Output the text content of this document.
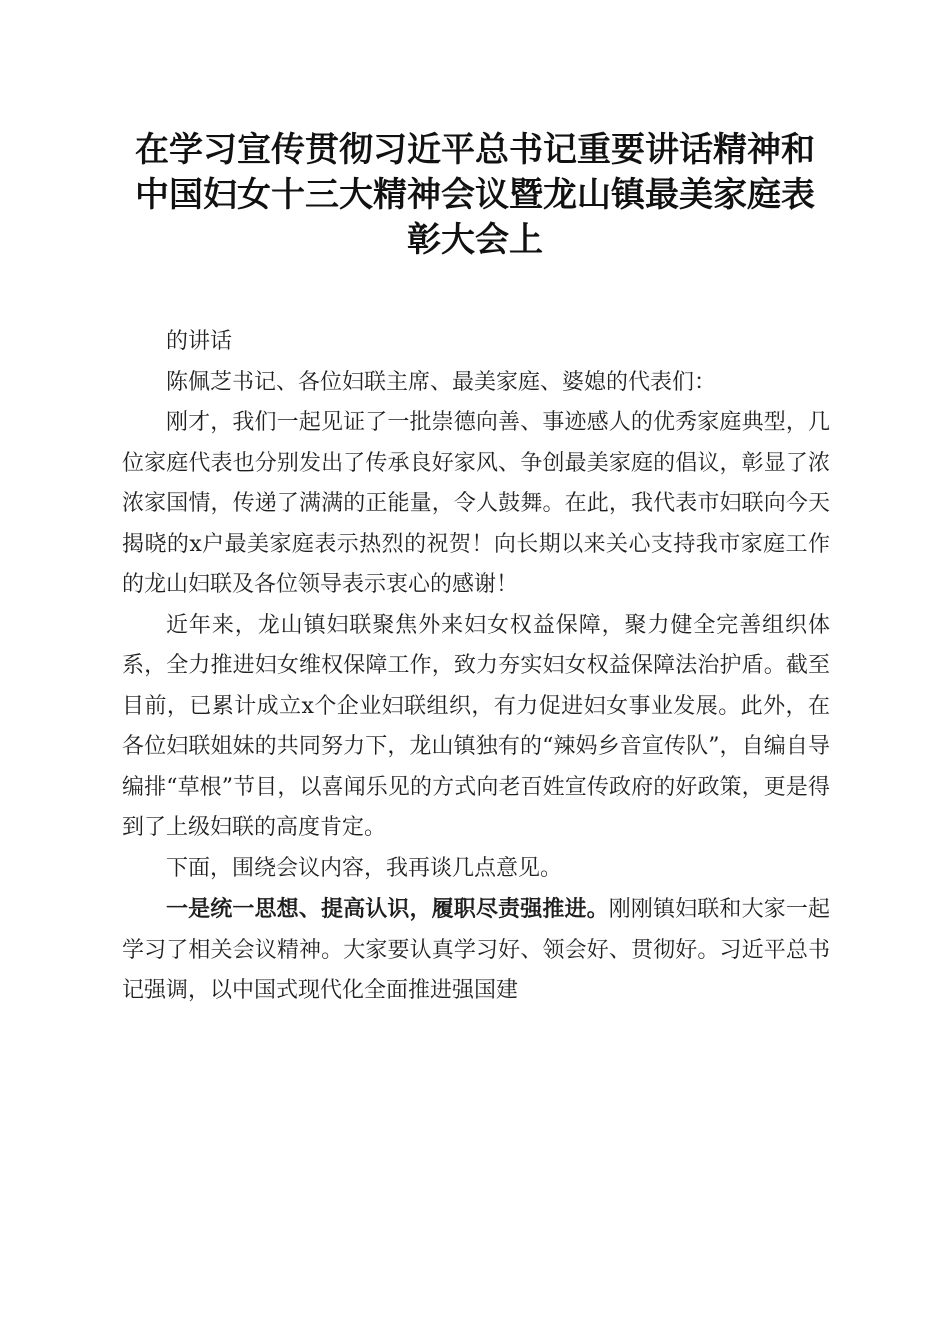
在学习宣传贯彻习近平总书记重要讲话精神和
中国妇女十三大精神会议暨龙山镇最美家庭表
彰大会上

的讲话

陈佩芝书记、各位妇联主席、最美家庭、婆媳的代表们：

刚才，我们一起见证了一批崇德向善、事迹感人的优秀家庭典型，几位家庭代表也分别发出了传承良好家风、争创最美家庭的倡议，彰显了浓浓家国情，传递了满满的正能量，令人鼓舞。在此，我代表市妇联向今天揭晓的x户最美家庭表示热烈的祝贺！向长期以来关心支持我市家庭工作的龙山妇联及各位领导表示衷心的感谢！

近年来，龙山镇妇联聚焦外来妇女权益保障，聚力健全完善组织体系，全力推进妇女维权保障工作，致力夯实妇女权益保障法治护盾。截至目前，已累计成立x个企业妇联组织，有力促进妇女事业发展。此外，在各位妇联姐妹的共同努力下，龙山镇独有的“辣妈乡音宣传队”，自编自导编排“草根”节目，以喜闻乐见的方式向老百姓宣传政府的好政策，更是得到了上级妇联的高度肯定。

下面，围绕会议内容，我再谈几点意见。

一是统一思想、提高认识，履职尽责强推进。刚刚镇妇联和大家一起学习了相关会议精神。大家要认真学习好、领会好、贯彻好。习近平总书记强调，以中国式现代化全面推进强国建
